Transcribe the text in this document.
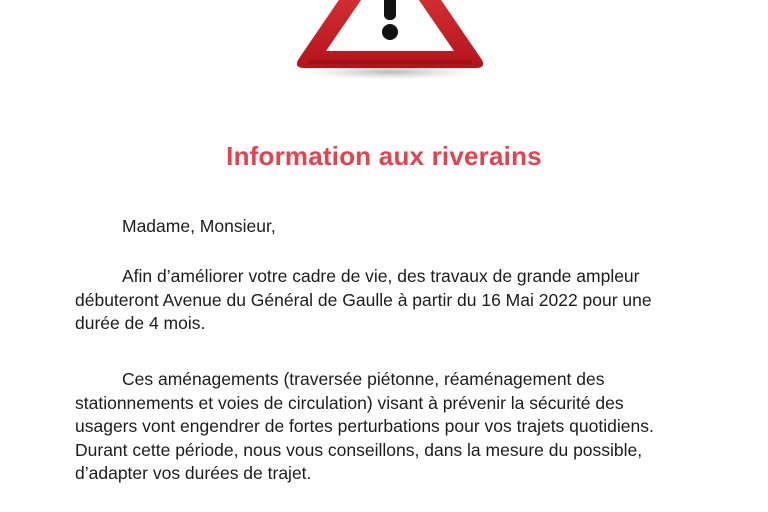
Information aux riverains

Madame, Monsieur,

Afin d’améliorer votre cadre de vie, des travaux de grande ampleur débuteront Avenue du Général de Gaulle à partir du 16 Mai 2022 pour une durée de 4 mois.

Ces aménagements (traversée piétonne, réaménagement des stationnements et voies de circulation) visant à prévenir la sécurité des usagers vont engendrer de fortes perturbations pour vos trajets quotidiens. Durant cette période, nous vous conseillons, dans la mesure du possible, d’adapter vos durées de trajet.
